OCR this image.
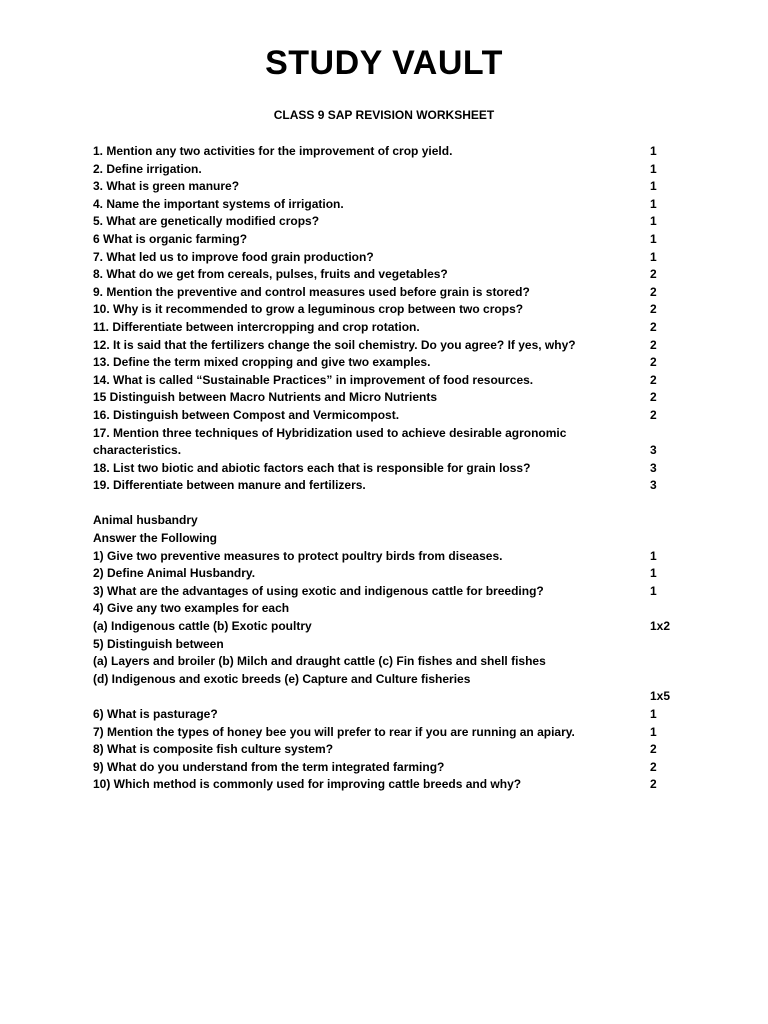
STUDY VAULT
CLASS 9 SAP REVISION WORKSHEET
1. Mention any two activities for the improvement of crop yield.	1
2. Define irrigation.	1
3. What is green manure?	1
4. Name the important systems of irrigation.	1
5. What are genetically modified crops?	1
6 What is organic farming?	1
7. What led us to improve food grain production?	1
8. What do we get from cereals, pulses, fruits and vegetables?	2
9. Mention the preventive and control measures used before grain is stored?	2
10. Why is it recommended to grow a leguminous crop between two crops?	2
11. Differentiate between intercropping and crop rotation.	2
12. It is said that the fertilizers change the soil chemistry. Do you agree? If yes, why?	2
13. Define the term mixed cropping and give two examples.	2
14. What is called “Sustainable Practices” in improvement of food resources.	2
15 Distinguish between Macro Nutrients and Micro Nutrients	2
16. Distinguish between Compost and Vermicompost.	2
17. Mention three techniques of Hybridization used to achieve desirable agronomic
characteristics.	3
18. List two biotic and abiotic factors each that is responsible for grain loss?	3
19. Differentiate between manure and fertilizers.	3
Animal husbandry
Answer the Following
1) Give two preventive measures to protect poultry birds from diseases.	1
2) Define Animal Husbandry.	1
3) What are the advantages of using exotic and indigenous cattle for breeding?	1
4) Give any two examples for each
(a) Indigenous cattle (b) Exotic poultry	1x2
5) Distinguish between
(a) Layers and broiler (b) Milch and draught cattle (c) Fin fishes and shell fishes
(d) Indigenous and exotic breeds (e) Capture and Culture fisheries
1x5
6) What is pasturage?	1
7) Mention the types of honey bee you will prefer to rear if you are running an apiary.	1
8) What is composite fish culture system?	2
9) What do you understand from the term integrated farming?	2
10) Which method is commonly used for improving cattle breeds and why?	2
